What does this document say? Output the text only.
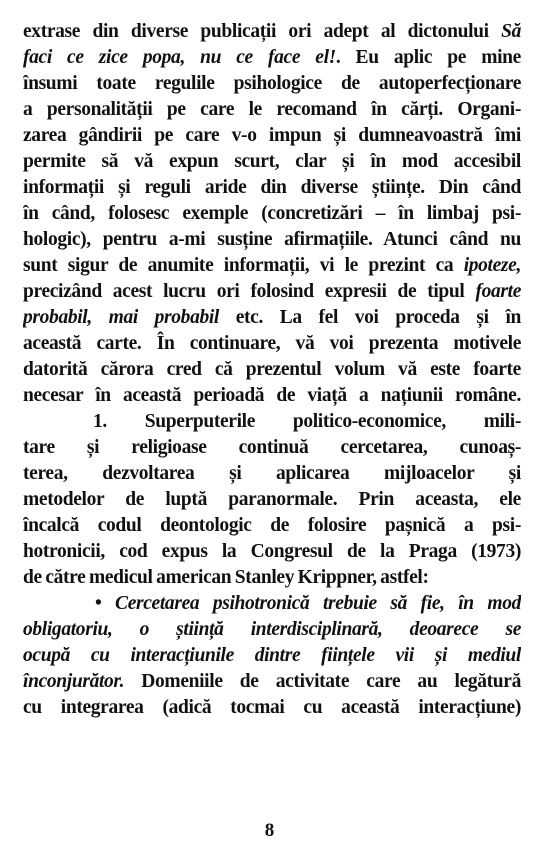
extrase din diverse publicații ori adept al dictonului Să
faci ce zice popa, nu ce face el!. Eu aplic pe mine
însumi toate regulile psihologice de autoperfecționare
a personalității pe care le recomand în cărți. Organi-
zarea gândirii pe care v-o impun și dumneavoastră îmi
permite să vă expun scurt, clar și în mod accesibil
informații și reguli aride din diverse științe. Din când
în când, folosesc exemple (concretizări – în limbaj psi-
hologic), pentru a-mi susține afirmațiile. Atunci când nu
sunt sigur de anumite informații, vi le prezint ca ipoteze,
precizând acest lucru ori folosind expresii de tipul foarte
probabil, mai probabil etc. La fel voi proceda și în
această carte. În continuare, vă voi prezenta motivele
datorită cărora cred că prezentul volum vă este foarte
necesar în această perioadă de viață a națiunii române.
1. Superputerile politico-economice, mili-
tare și religioase continuă cercetarea, cunoaș-
terea, dezvoltarea și aplicarea mijloacelor și
metodelor de luptă paranormale. Prin aceasta, ele
încalcă codul deontologic de folosire pașnică a psi-
hotronicii, cod expus la Congresul de la Praga (1973)
de către medicul american Stanley Krippner, astfel:
• Cercetarea psihotronică trebuie să fie, în mod
obligatoriu, o știință interdisciplinară, deoarece se
ocupă cu interacțiunile dintre ființele vii și mediul
înconjurător. Domeniile de activitate care au legătură
cu integrarea (adică tocmai cu această interacțiune)
8
